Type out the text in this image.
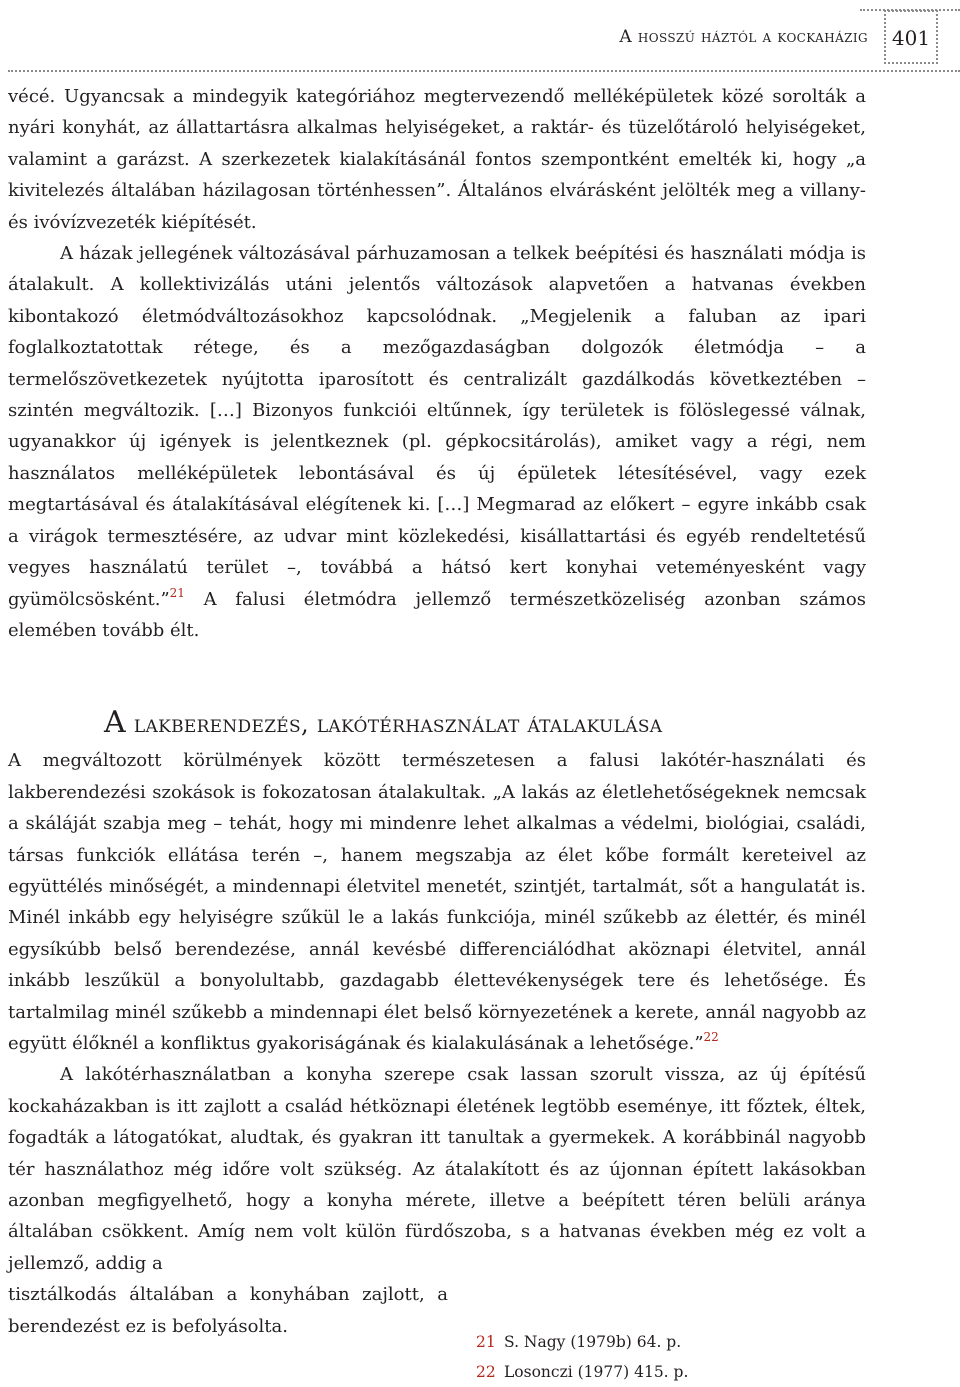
A hosszú háztól a kockaházig	401

vécé. Ugyancsak a mindegyik kategóriához megtervezendő melléképületek közé sorolták a nyári konyhát, az állattartásra alkalmas helyiségeket, a raktár- és tüzelőtároló helyiségeket, valamint a garázst. A szerkezetek kialakításánál fontos szempontként emelték ki, hogy „a kivitelezés általában házilagosan történhessen”. Általános elvárásként jelölték meg a villany- és ivóvízvezeték kiépítését.

A házak jellegének változásával párhuzamosan a telkek beépítési és használati módja is átalakult. A kollektivizálás utáni jelentős változások alapvetően a hatvanas években kibontakozó életmódváltozásokhoz kapcsolódnak. „Megjelenik a faluban az ipari foglalkoztatottak rétege, és a mezőgazdaságban dolgozók életmódja – a termelőszövetkezetek nyújtotta iparosított és centralizált gazdálkodás következtében – szintén megváltozik. […] Bizonyos funkciói eltűnnek, így területek is fölöslegessé válnak, ugyanakkor új igények is jelentkeznek (pl. gépkocsitárolás), amiket vagy a régi, nem használatos melléképületek lebontásával és új épületek létesítésével, vagy ezek megtartásával és átalakításával elégítenek ki. […] Megmarad az előkert – egyre inkább csak a virágok termesztésére, az udvar mint közlekedési, kisállattartási és egyéb rendeltetésű vegyes használatú terület –, továbbá a hátsó kert konyhai veteményesként vagy gyümölcsösként.”$^{21}$ A falusi életmódra jellemző természetközeliség azonban számos elemében tovább élt.

A lakberendezés, lakótérhasználat átalakulása

A megváltozott körülmények között természetesen a falusi lakótér-használati és lakberendezési szokások is fokozatosan átalakultak. „A lakás az életlehetőségeknek nemcsak a skáláját szabja meg – tehát, hogy mi mindenre lehet alkalmas a védelmi, biológiai, családi, társas funkciók ellátása terén –, hanem megszabja az élet kőbe formált kereteivel az együttélés minőségét, a mindennapi életvitel menetét, szintjét, tartalmát, sőt a hangulatát is. Minél inkább egy helyiségre szűkül le a lakás funkciója, minél szűkebb az élettér, és minél egysíkúbb belső berendezése, annál kevésbé differenciálódhat aköznapi életvitel, annál inkább leszűkül a bonyolultabb, gazdagabb élettevékenységek tere és lehetősége. És tartalmilag minél szűkebb a mindennapi élet belső környezetének a kerete, annál nagyobb az együtt élőknél a konfliktus gyakoriságának és kialakulásának a lehetősége.”$^{22}$

A lakótérhasználatban a konyha szerepe csak lassan szorult vissza, az új építésű kockaházakban is itt zajlott a család hétköznapi életének legtöbb eseménye, itt főztek, éltek, fogadták a látogatókat, aludtak, és gyakran itt tanultak a gyermekek. A korábbinál nagyobb tér használathoz még időre volt szükség. Az átalakított és az újonnan épített lakásokban azonban megfigyelhető, hogy a konyha mérete, illetve a beépített téren belüli aránya általában csökkent. Amíg nem volt külön fürdőszoba, s a hatvanas években még ez volt a jellemző, addig a

tisztálkodás általában a konyhában zajlott, a berendezést ez is befolyásolta.

21 S. Nagy (1979b) 64. p.
22 Losonczi (1977) 415. p.
